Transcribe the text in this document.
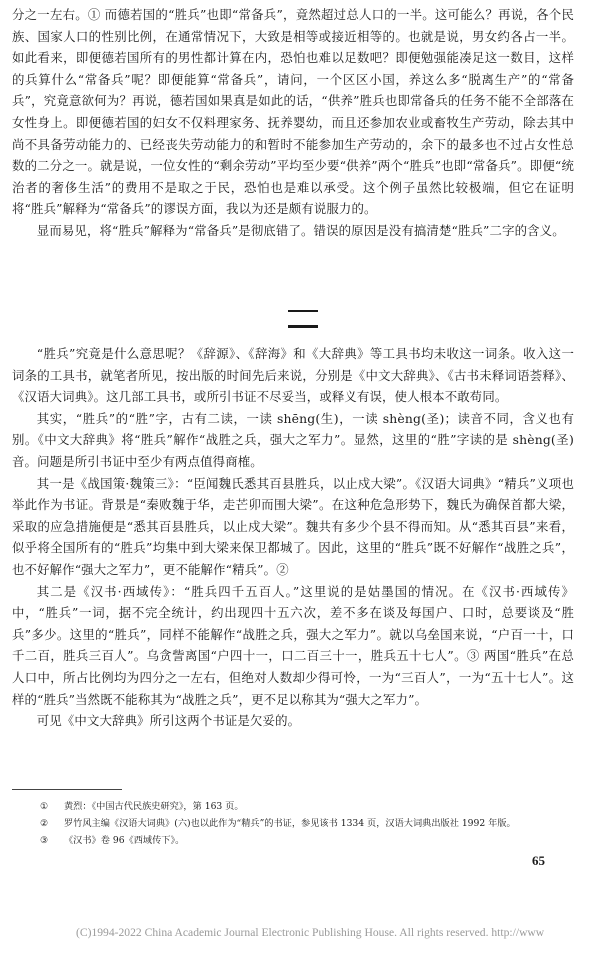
分之一左右。① 而德若国的“胜兵”也即“常备兵”，竟然超过总人口的一半。这可能么？再说，各个民族、国家人口的性别比例，在通常情况下，大致是相等或接近相等的。也就是说，男女约各占一半。如此看来，即便德若国所有的男性都计算在内，恐怕也难以足数吧？即便勉强能凑足这一数目，这样的兵算什么“常备兵”呢？即便能算“常备兵”，请问，一个区区小国，养这么多“脱离生产”的“常备兵”，究竟意欲何为？再说，德若国如果真是如此的话，“供养”胜兵也即常备兵的任务不能不全部落在女性身上。即便德若国的妇女不仅料理家务、抚养婴幼，而且还参加农业或畜牧生产劳动，除去其中尚不具备劳动能力的、已经丧失劳动能力的和暂时不能参加生产劳动的，余下的最多也不过占女性总数的二分之一。就是说，一位女性的“剩余劳动”平均至少要“供养”两个“胜兵”也即“常备兵”。即便“统治者的奢侈生活”的费用不是取之于民，恐怕也是难以承受。这个例子虽然比较极端，但它在证明将“胜兵”解释为“常备兵”的谬误方面，我以为还是颇有说服力的。

显而易见，将“胜兵”解释为“常备兵”是彻底错了。错误的原因是没有搞清楚“胜兵”二字的含义。

“胜兵”究竟是什么意思呢？《辞源》、《辞海》和《大辞典》等工具书均未收这一词条。收入这一词条的工具书，就笔者所见，按出版的时间先后来说，分别是《中文大辞典》、《古书未释词语荟释》、《汉语大词典》。这几部工具书，或所引书证不尽妥当，或释义有误，使人根本不敢苟同。

其实，“胜兵”的“胜”字，古有二读，一读 shēng(生)，一读 shèng(圣)；读音不同，含义也有别。《中文大辞典》将“胜兵”解作“战胜之兵，强大之军力”。显然，这里的“胜”字读的是 shèng(圣)音。问题是所引书证中至少有两点值得商榷。

其一是《战国策·魏策三》：“臣闻魏氏悉其百县胜兵，以止戍大梁”。《汉语大词典》“精兵”义项也举此作为书证。背景是“秦败魏于华，走芒卯而围大梁”。在这种危急形势下，魏氏为确保首都大梁，采取的应急措施便是“悉其百县胜兵，以止戍大梁”。魏共有多少个县不得而知。从“悉其百县”来看，似乎将全国所有的“胜兵”均集中到大梁来保卫都城了。因此，这里的“胜兵”既不好解作“战胜之兵”，也不好解作“强大之军力”，更不能解作“精兵”。②

其二是《汉书·西域传》：“胜兵四千五百人。”这里说的是姑墨国的情况。在《汉书·西域传》中，“胜兵”一词，据不完全统计，约出现四十五六次，差不多在谈及每国户、口时，总要谈及“胜兵”多少。这里的“胜兵”，同样不能解作“战胜之兵，强大之军力”。就以乌垒国来说，“户百一十，口千二百，胜兵三百人”。乌贪訾离国“户四十一，口二百三十一，胜兵五十七人”。③ 两国“胜兵”在总人口中，所占比例均为四分之一左右，但绝对人数却少得可怜，一为“三百人”，一为“五十七人”。这样的“胜兵”当然既不能称其为“战胜之兵”，更不足以称其为“强大之军力”。

可见《中文大辞典》所引这两个书证是欠妥的。

①	黄烈：《中国古代民族史研究》，第 163 页。
②	罗竹风主编《汉语大词典》(六)也以此作为“精兵”的书证，参见该书 1334 页，汉语大词典出版社 1992 年版。
③	《汉书》卷 96《西域传下》。
65
(C)1994-2022 China Academic Journal Electronic Publishing House. All rights reserved. http://www
